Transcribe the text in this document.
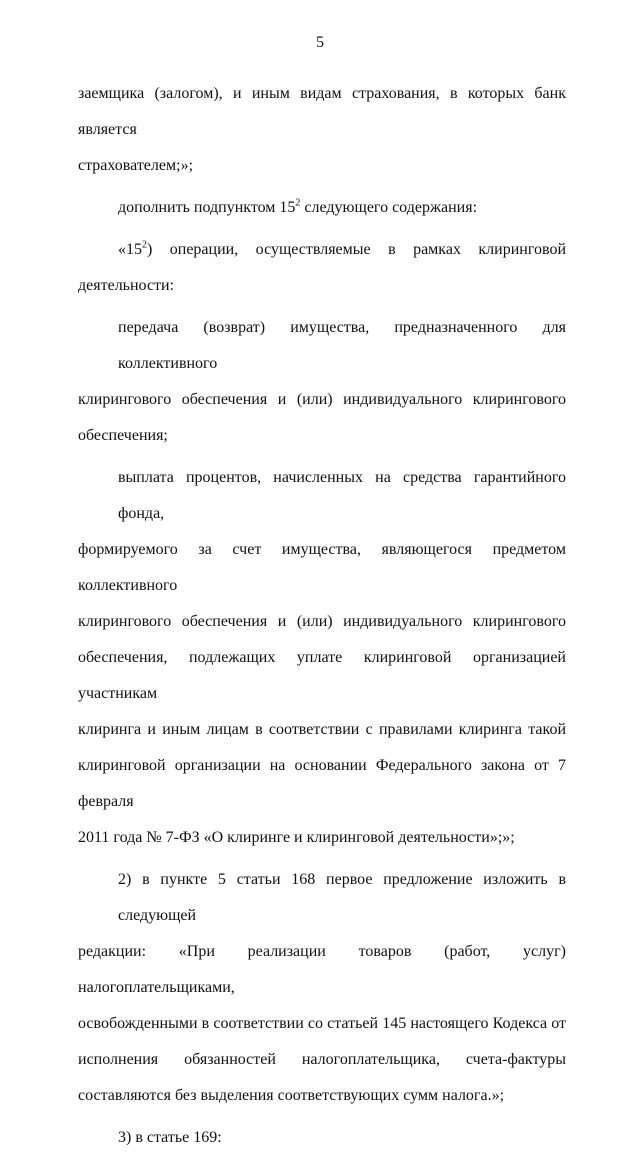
5

заемщика (залогом), и иным видам страхования, в которых банк является
страхователем;»;

дополнить подпунктом $15^2$ следующего содержания:

«$15^2$) операции, осуществляемые в рамках клиринговой
деятельности:

передача (возврат) имущества, предназначенного для коллективного
клирингового обеспечения и (или) индивидуального клирингового
обеспечения;

выплата процентов, начисленных на средства гарантийного фонда,
формируемого за счет имущества, являющегося предметом коллективного
клирингового обеспечения и (или) индивидуального клирингового
обеспечения, подлежащих уплате клиринговой организацией участникам
клиринга и иным лицам в соответствии с правилами клиринга такой
клиринговой организации на основании Федерального закона от 7 февраля
2011 года № 7-ФЗ «О клиринге и клиринговой деятельности»;»;

2) в пункте 5 статьи 168 первое предложение изложить в следующей
редакции: «При реализации товаров (работ, услуг) налогоплательщиками,
освобожденными в соответствии со статьей 145 настоящего Кодекса от
исполнения обязанностей налогоплательщика, счета-фактуры
составляются без выделения соответствующих сумм налога.»;

3) в статье 169:
